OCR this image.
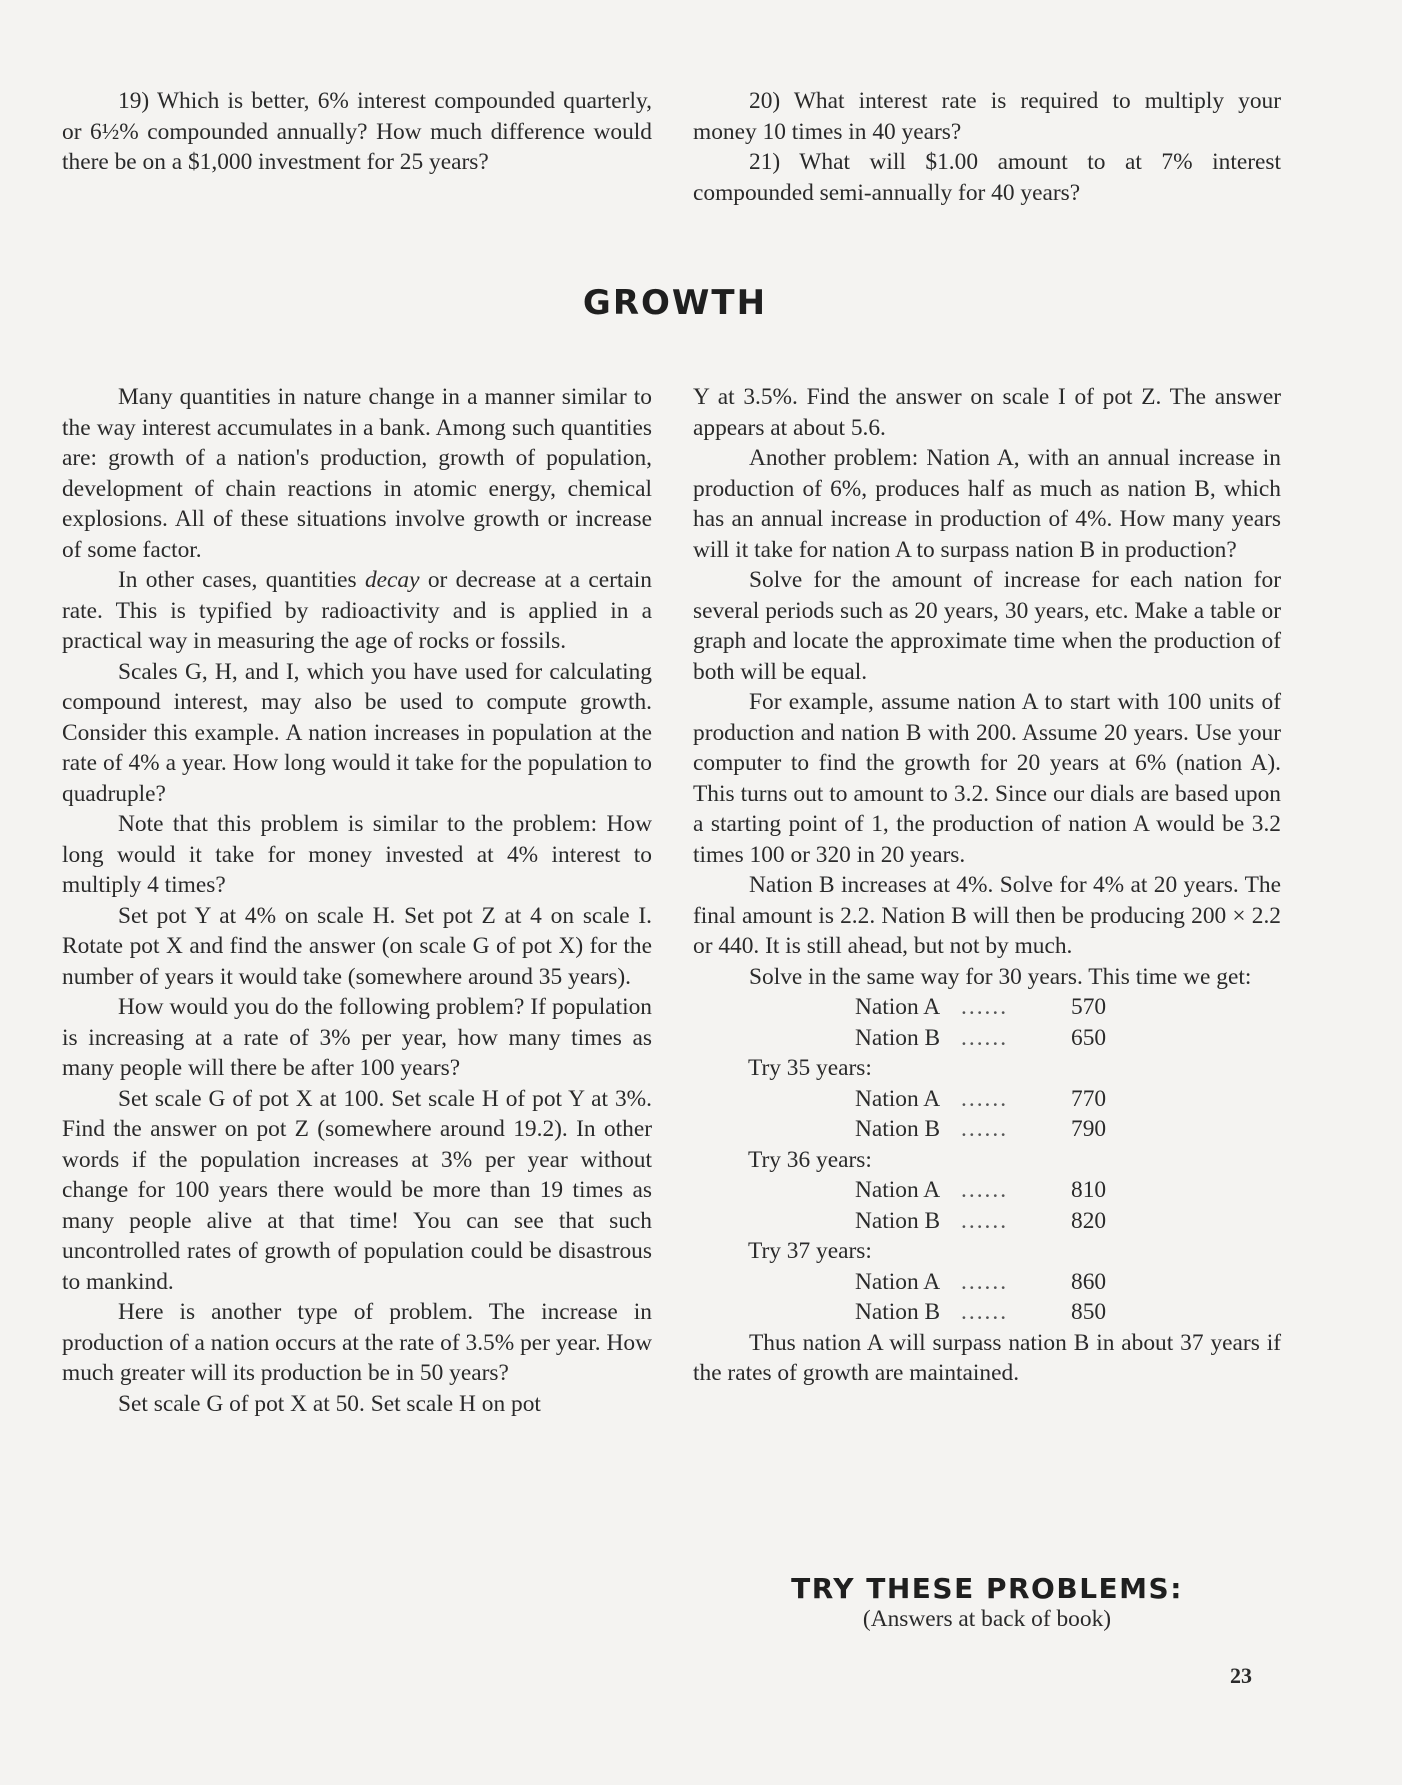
19) Which is better, 6% interest compounded quarterly, or 6½% compounded annually? How much difference would there be on a $1,000 investment for 25 years?

20) What interest rate is required to multiply your money 10 times in 40 years?

21) What will $1.00 amount to at 7% interest compounded semi-annually for 40 years?

GROWTH

Many quantities in nature change in a manner similar to the way interest accumulates in a bank. Among such quantities are: growth of a nation's production, growth of population, development of chain reactions in atomic energy, chemical explosions. All of these situations involve growth or increase of some factor.

In other cases, quantities decay or decrease at a certain rate. This is typified by radioactivity and is applied in a practical way in measuring the age of rocks or fossils.

Scales G, H, and I, which you have used for calculating compound interest, may also be used to compute growth. Consider this example. A nation increases in population at the rate of 4% a year. How long would it take for the population to quadruple?

Note that this problem is similar to the problem: How long would it take for money invested at 4% interest to multiply 4 times?

Set pot Y at 4% on scale H. Set pot Z at 4 on scale I. Rotate pot X and find the answer (on scale G of pot X) for the number of years it would take (somewhere around 35 years).

How would you do the following problem? If population is increasing at a rate of 3% per year, how many times as many people will there be after 100 years?

Set scale G of pot X at 100. Set scale H of pot Y at 3%. Find the answer on pot Z (somewhere around 19.2). In other words if the population increases at 3% per year without change for 100 years there would be more than 19 times as many people alive at that time! You can see that such uncontrolled rates of growth of population could be disastrous to mankind.

Here is another type of problem. The increase in production of a nation occurs at the rate of 3.5% per year. How much greater will its production be in 50 years?

Set scale G of pot X at 50. Set scale H on pot

Y at 3.5%. Find the answer on scale I of pot Z. The answer appears at about 5.6.

Another problem: Nation A, with an annual increase in production of 6%, produces half as much as nation B, which has an annual increase in production of 4%. How many years will it take for nation A to surpass nation B in production?

Solve for the amount of increase for each nation for several periods such as 20 years, 30 years, etc. Make a table or graph and locate the approximate time when the production of both will be equal.

For example, assume nation A to start with 100 units of production and nation B with 200. Assume 20 years. Use your computer to find the growth for 20 years at 6% (nation A). This turns out to amount to 3.2. Since our dials are based upon a starting point of 1, the production of nation A would be 3.2 times 100 or 320 in 20 years.

Nation B increases at 4%. Solve for 4% at 20 years. The final amount is 2.2. Nation B will then be producing 200 × 2.2 or 440. It is still ahead, but not by much.

Solve in the same way for 30 years. This time we get:

Nation A ......	570
Nation B ......	650

Try 35 years:

Nation A ......	770
Nation B ......	790

Try 36 years:

Nation A ......	810
Nation B ......	820

Try 37 years:

Nation A ......	860
Nation B ......	850

Thus nation A will surpass nation B in about 37 years if the rates of growth are maintained.

TRY THESE PROBLEMS:
(Answers at back of book)
23
